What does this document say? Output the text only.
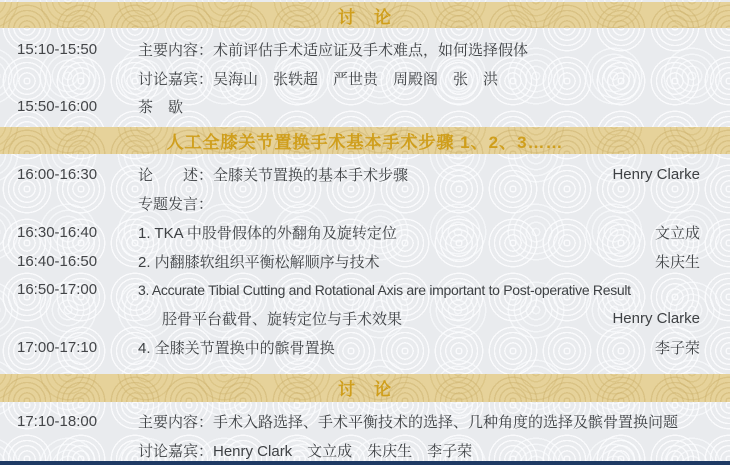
讨　论
15:10-15:50	主要内容：术前评估手术适应证及手术难点，如何选择假体
讨论嘉宾：吴海山　张轶超　严世贵　周殿阁　张　洪
15:50-16:00	茶　歇
人工全膝关节置换手术基本手术步骤 1、2、3……
16:00-16:30	论　　述：全膝关节置换的基本手术步骤	Henry Clarke
专题发言：
16:30-16:40	1. TKA 中股骨假体的外翻角及旋转定位	文立成
16:40-16:50	2. 内翻膝软组织平衡松解顺序与技术	朱庆生
16:50-17:00	3. Accurate Tibial Cutting and Rotational Axis are important to Post-operative Result
胫骨平台截骨、旋转定位与手术效果	Henry Clarke
17:00-17:10	4. 全膝关节置换中的髌骨置换	李子荣
讨　论
17:10-18:00	主要内容：手术入路选择、手术平衡技术的选择、几种角度的选择及髌骨置换问题
讨论嘉宾：Henry Clark　文立成　朱庆生　李子荣
